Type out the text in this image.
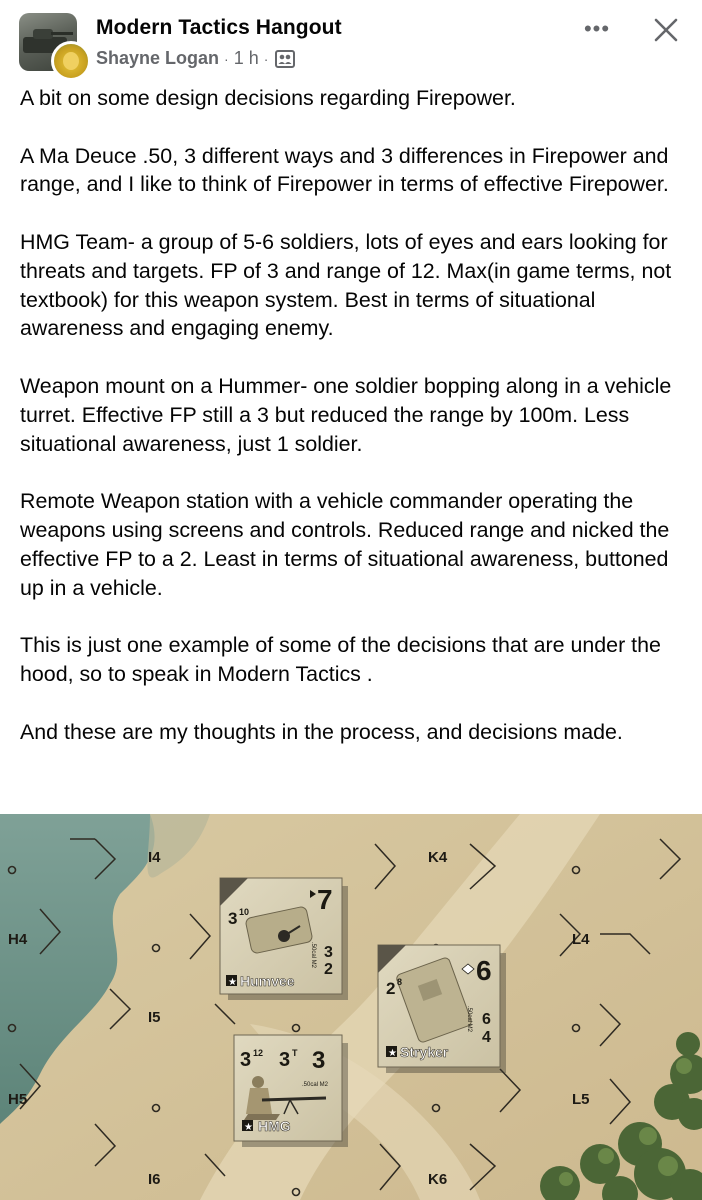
Modern Tactics Hangout
Shayne Logan · 1 h ·
•••

A bit on some design decisions regarding Firepower.

A Ma Deuce .50, 3 different ways and 3 differences in Firepower and range, and I like to think of Firepower in terms of effective Firepower.

HMG Team- a group of 5-6 soldiers, lots of eyes and ears looking for threats and targets. FP of 3 and range of 12. Max(in game terms, not textbook) for this weapon system. Best in terms of situational awareness and engaging enemy.

Weapon mount on a Hummer- one soldier bopping along in a vehicle turret. Effective FP still a 3 but reduced the range by 100m. Less situational awareness, just 1 soldier.

Remote Weapon station with a vehicle commander operating the weapons using screens and controls. Reduced range and nicked the effective FP to a 2. Least in terms of situational awareness, buttoned up in a vehicle.

This is just one example of some of the decisions that are under the hood, so to speak in Modern Tactics .

And these are my thoughts in the process, and decisions made.

I4	K4
H4	L4
I5
H5	L5
I6	K6
3 10 7
.50cal M2 3
2
★ Humvee	2 8	6
.50cal M2 6
4
★ Stryker
3 12 3 T 3
.50cal M2
★ HMG
